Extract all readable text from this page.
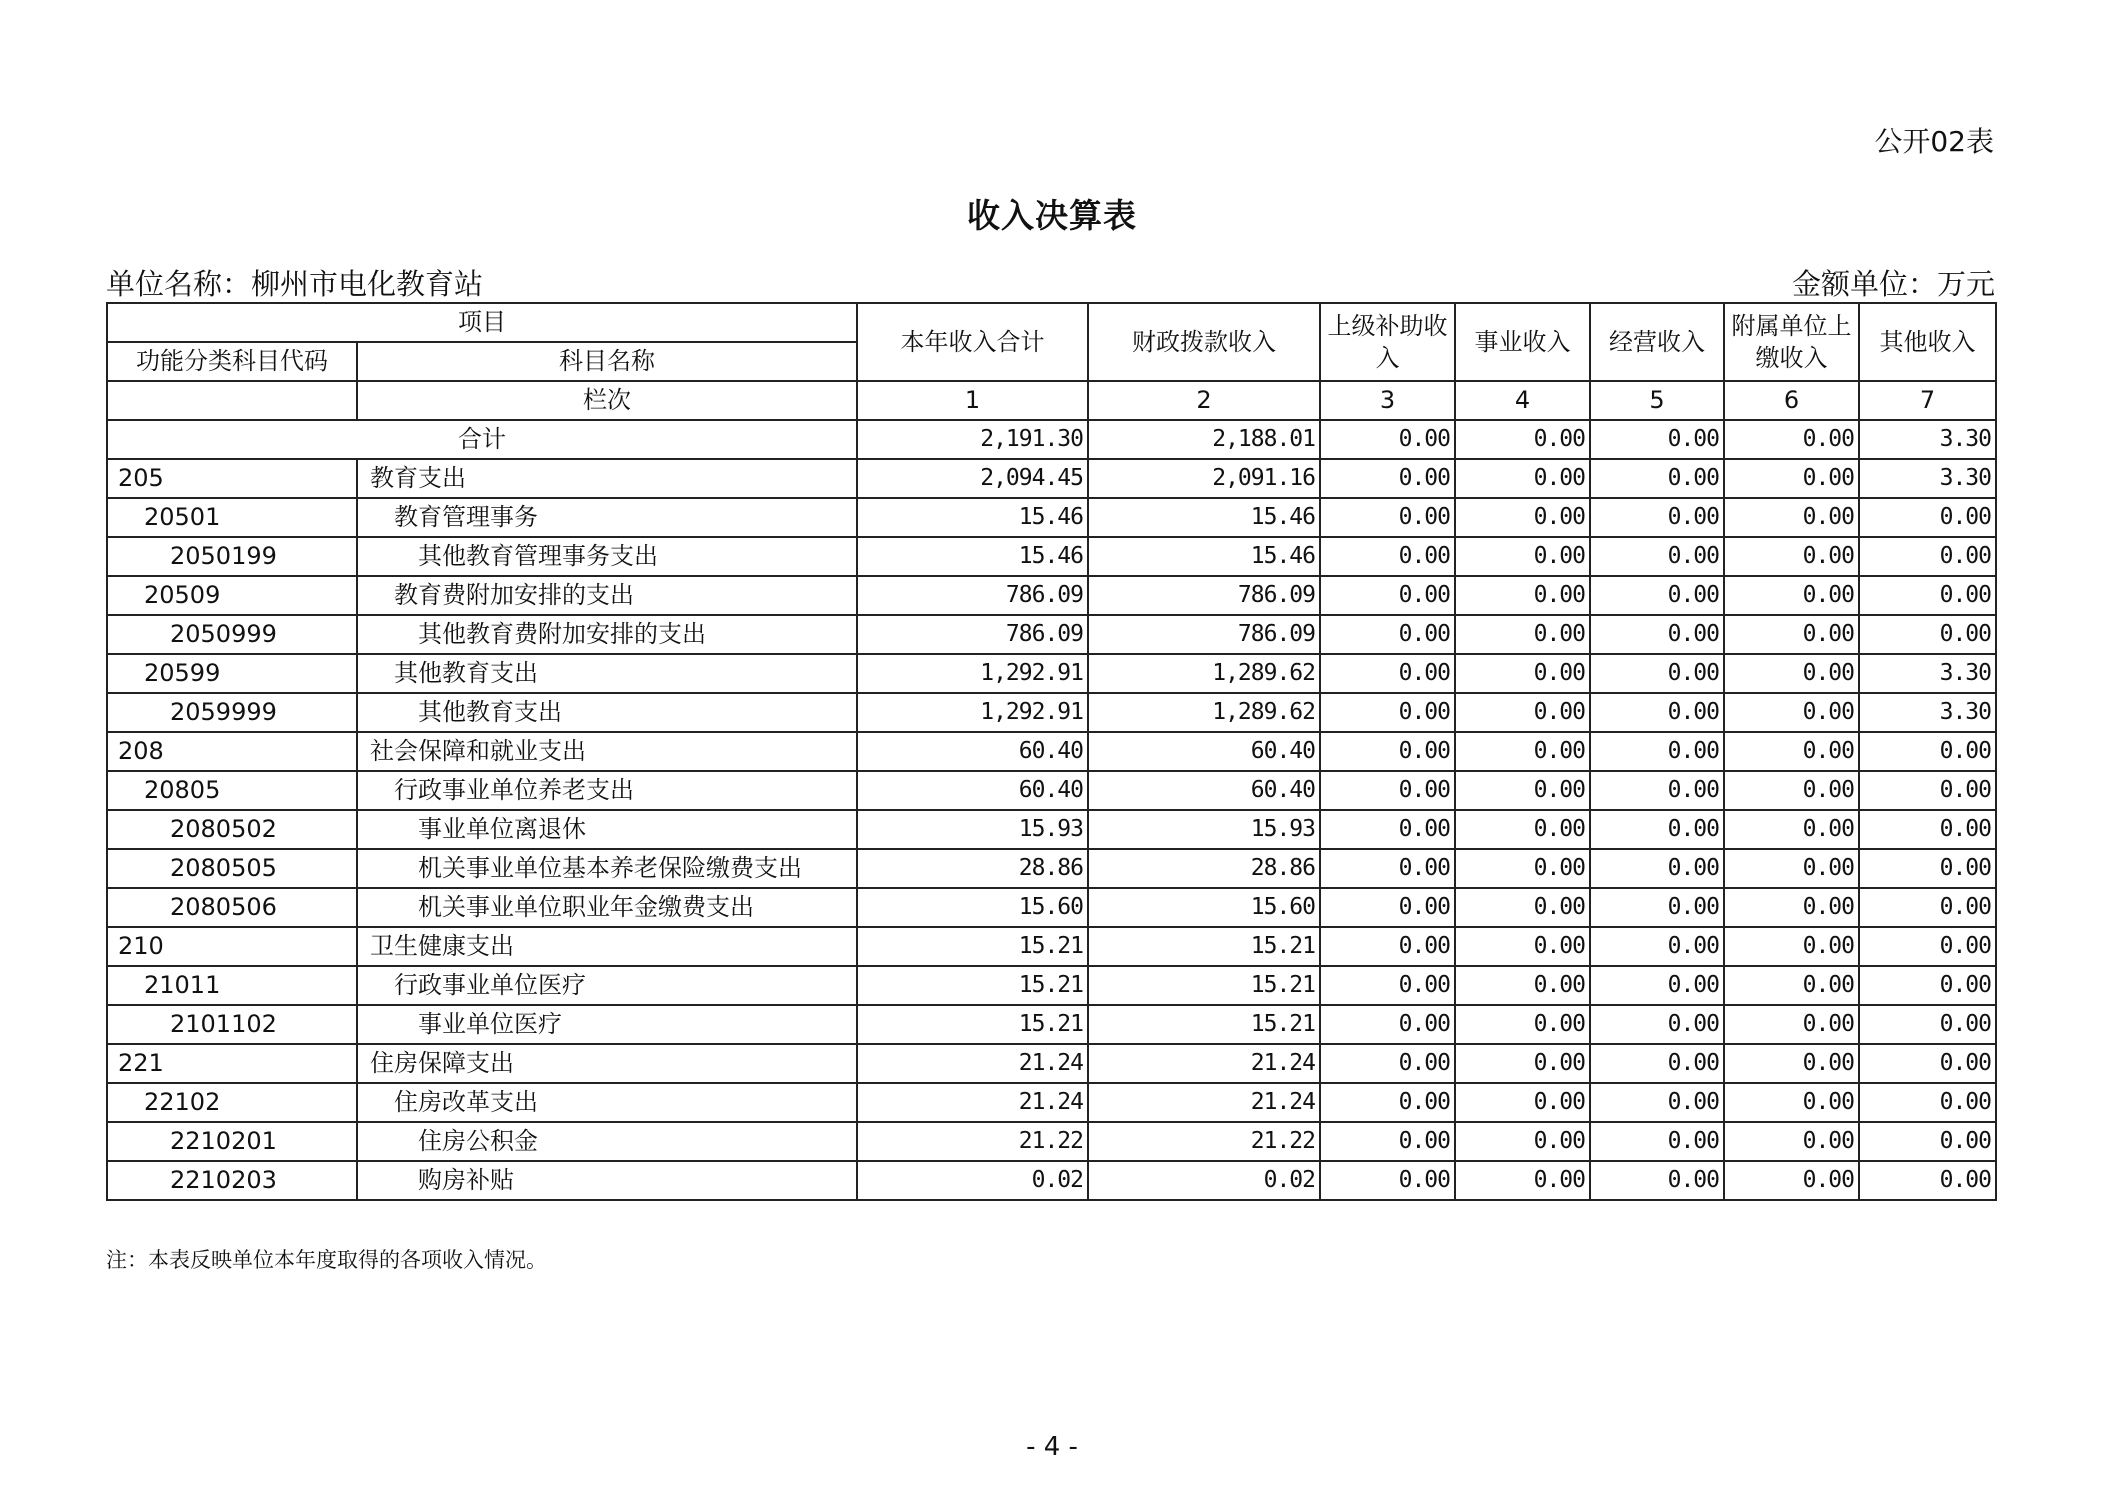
公开02表
收入决算表
单位名称：柳州市电化教育站	金额单位：万元
项目		本年收入合计	财政拨款收入	上级补助收入	事业收入	经营收入	附属单位上缴收入	其他收入
功能分类科目代码	科目名称							
	栏次	1	2	3	4	5	6	7
合计		2,191.30	2,188.01	0.00	0.00	0.00	0.00	3.30
205	教育支出	2,094.45	2,091.16	0.00	0.00	0.00	0.00	3.30
20501	教育管理事务	15.46	15.46	0.00	0.00	0.00	0.00	0.00
2050199	其他教育管理事务支出	15.46	15.46	0.00	0.00	0.00	0.00	0.00
20509	教育费附加安排的支出	786.09	786.09	0.00	0.00	0.00	0.00	0.00
2050999	其他教育费附加安排的支出	786.09	786.09	0.00	0.00	0.00	0.00	0.00
20599	其他教育支出	1,292.91	1,289.62	0.00	0.00	0.00	0.00	3.30
2059999	其他教育支出	1,292.91	1,289.62	0.00	0.00	0.00	0.00	3.30
208	社会保障和就业支出	60.40	60.40	0.00	0.00	0.00	0.00	0.00
20805	行政事业单位养老支出	60.40	60.40	0.00	0.00	0.00	0.00	0.00
2080502	事业单位离退休	15.93	15.93	0.00	0.00	0.00	0.00	0.00
2080505	机关事业单位基本养老保险缴费支出	28.86	28.86	0.00	0.00	0.00	0.00	0.00
2080506	机关事业单位职业年金缴费支出	15.60	15.60	0.00	0.00	0.00	0.00	0.00
210	卫生健康支出	15.21	15.21	0.00	0.00	0.00	0.00	0.00
21011	行政事业单位医疗	15.21	15.21	0.00	0.00	0.00	0.00	0.00
2101102	事业单位医疗	15.21	15.21	0.00	0.00	0.00	0.00	0.00
221	住房保障支出	21.24	21.24	0.00	0.00	0.00	0.00	0.00
22102	住房改革支出	21.24	21.24	0.00	0.00	0.00	0.00	0.00
2210201	住房公积金	21.22	21.22	0.00	0.00	0.00	0.00	0.00
2210203	购房补贴	0.02	0.02	0.00	0.00	0.00	0.00	0.00
注：本表反映单位本年度取得的各项收入情况。
- 4 -
